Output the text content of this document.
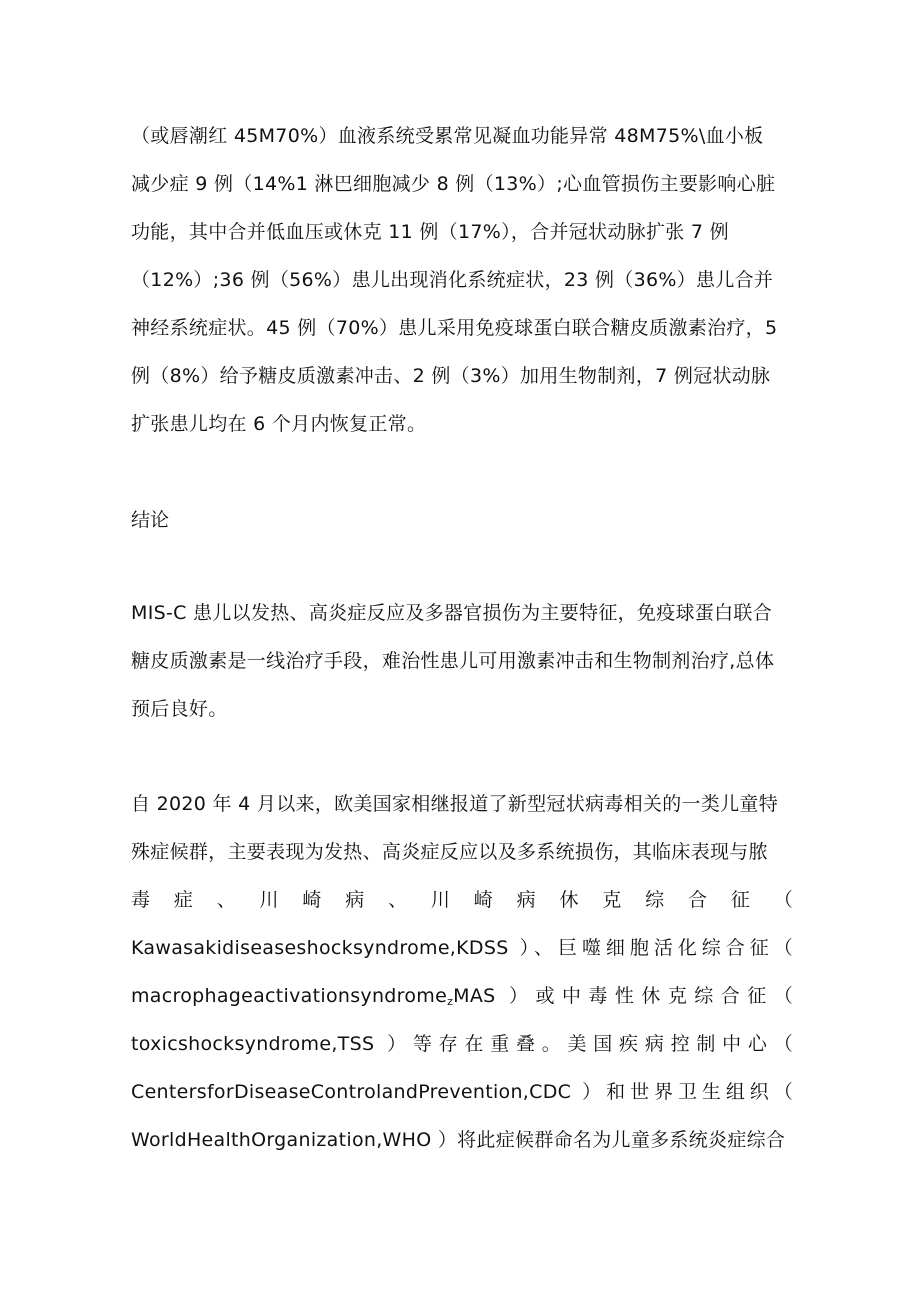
（或唇潮红 45M70%）血液系统受累常见凝血功能异常 48M75%\血小板
减少症 9 例（14%1 淋巴细胞减少 8 例（13%）;心血管损伤主要影响心脏
功能，其中合并低血压或休克 11 例（17%），合并冠状动脉扩张 7 例
（12%）;36 例（56%）患儿出现消化系统症状，23 例（36%）患儿合并
神经系统症状。45 例（70%）患儿采用免疫球蛋白联合糖皮质激素治疗，5
例（8%）给予糖皮质激素冲击、2 例（3%）加用生物制剂，7 例冠状动脉
扩张患儿均在 6 个月内恢复正常。
结论
MIS-C 患儿以发热、高炎症反应及多器官损伤为主要特征，免疫球蛋白联合
糖皮质激素是一线治疗手段，难治性患儿可用激素冲击和生物制剂治疗,总体
预后良好。
自 2020 年 4 月以来，欧美国家相继报道了新型冠状病毒相关的一类儿童特
殊症候群，主要表现为发热、高炎症反应以及多系统损伤，其临床表现与脓
毒 症 、 川 崎 病 、 川 崎 病 休 克 综 合 征 （
Kawasakidiseaseshocksyndrome,KDSS ）、巨噬细胞活化综合征（
macrophageactivationsyndrome$_z$MAS ）或中毒性休克综合征（
toxicshocksyndrome,TSS ）等存在重叠。美国疾病控制中心（
CentersforDiseaseControlandPrevention,CDC ）和世界卫生组织（
WorldHealthOrganization,WHO ）将此症候群命名为儿童多系统炎症综合
